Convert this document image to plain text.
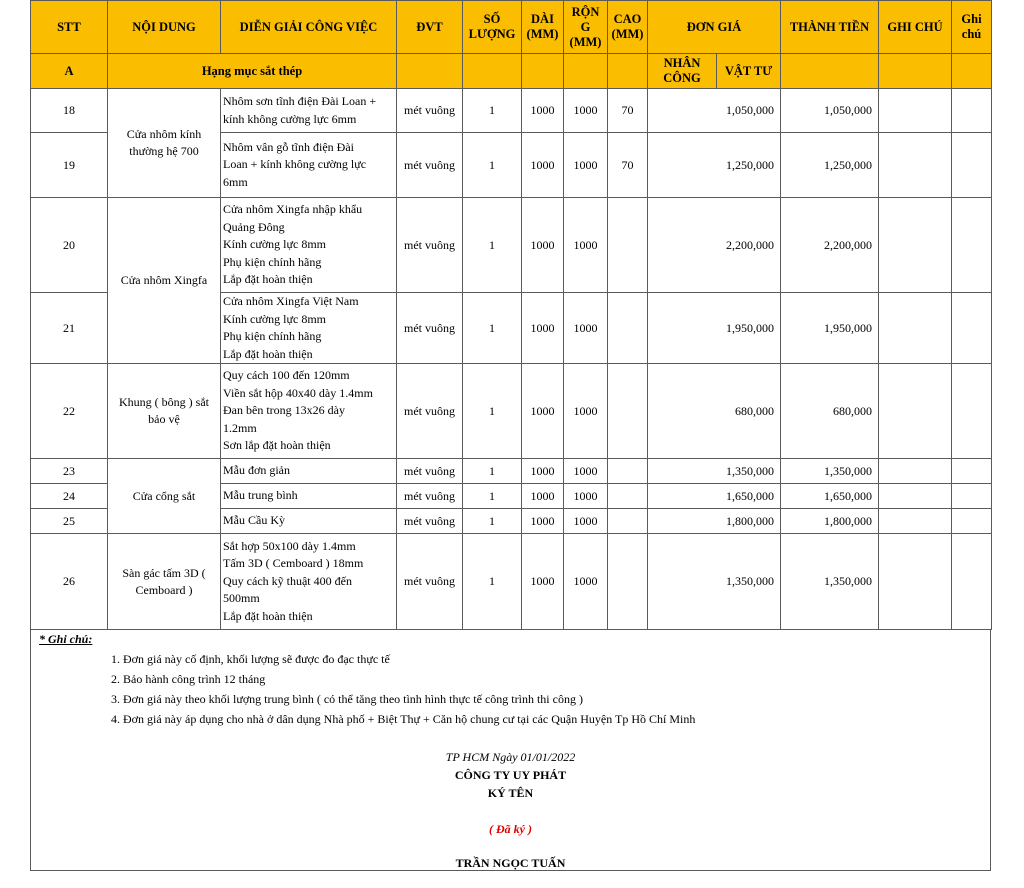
STT	NỘI DUNG	DIỄN GIẢI CÔNG VIỆC	ĐVT	SỐ LƯỢNG	DÀI (MM)	RỘN G (MM)	CAO (MM)	ĐƠN GIÁ		THÀNH TIỀN	GHI CHÚ	Ghi chú
A	Hạng mục sắt thép							NHÂN CÔNG	VẬT TƯ			
18	Cửa nhôm kính thường hệ 700	Nhôm sơn tĩnh điện Đài Loan +
kính không cường lực 6mm	mét vuông	1	1000	1000	70	1,050,000		1,050,000		
19		Nhôm vân gỗ tĩnh điện Đài
Loan + kính không cường lực
6mm	mét vuông	1	1000	1000	70	1,250,000		1,250,000		
20	Cửa nhôm Xingfa	Cửa nhôm Xingfa nhập khẩu
Quảng Đông
Kính cường lực 8mm
Phụ kiện chính hãng
Lắp đặt hoàn thiện	mét vuông	1	1000	1000		2,200,000		2,200,000		
21		Cửa nhôm Xingfa Việt Nam
Kính cường lực 8mm
Phụ kiện chính hãng
Lắp đặt hoàn thiện	mét vuông	1	1000	1000		1,950,000		1,950,000		
22	Khung ( bông ) sắt bảo vệ	Quy cách 100 đến 120mm
Viền sắt hộp 40x40 dày 1.4mm
Đan bên trong 13x26 dày
1.2mm
Sơn lắp đặt hoàn thiện	mét vuông	1	1000	1000		680,000		680,000		
23	Cửa cổng sắt	Mẫu đơn giản	mét vuông	1	1000	1000		1,350,000		1,350,000		
24		Mẫu trung bình	mét vuông	1	1000	1000		1,650,000		1,650,000		
25		Mẫu Cầu Kỳ	mét vuông	1	1000	1000		1,800,000		1,800,000		
26	Sàn gác tấm 3D ( Cemboard )	Sắt hợp 50x100 dày 1.4mm
Tấm 3D ( Cemboard ) 18mm
Quy cách kỹ thuật 400 đến
500mm
Lắp đặt hoàn thiện	mét vuông	1	1000	1000		1,350,000		1,350,000		
* Ghi chú:
1. Đơn giá này cố định, khối lượng sẽ được đo đạc thực tế
2. Bảo hành công trình 12 tháng
3. Đơn giá này theo khối lượng trung bình ( có thể tăng theo tình hình thực tế công trình thi công )
4. Đơn giá này áp dụng cho nhà ở dân dụng Nhà phố + Biệt Thự + Căn hộ chung cư tại các Quận Huyện Tp Hồ Chí Minh
TP HCM Ngày 01/01/2022
CÔNG TY UY PHÁT
KÝ TÊN
( Đã ký )
TRẦN NGỌC TUẤN
